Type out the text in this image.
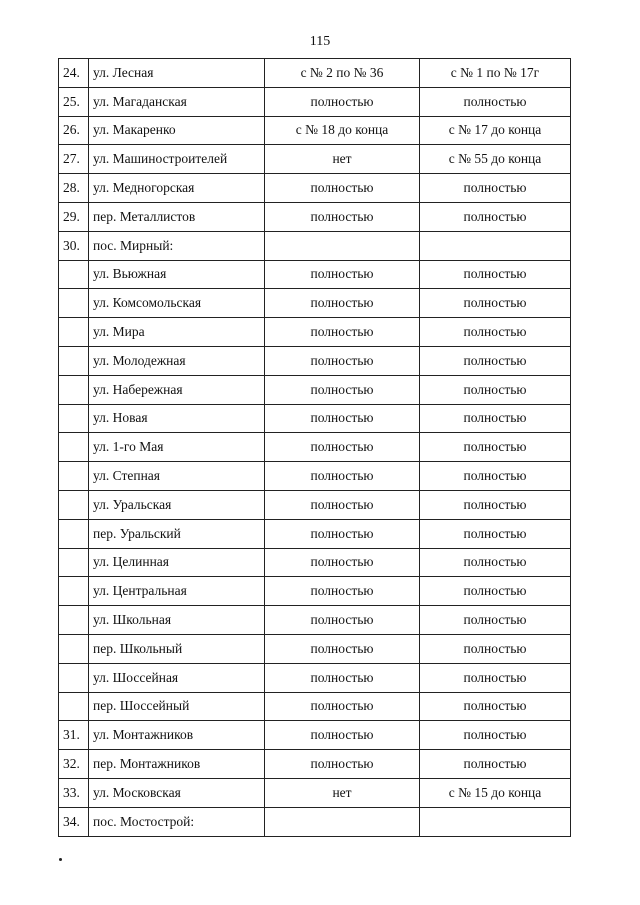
115
24.	ул. Лесная	с № 2 по № 36	с № 1 по № 17г
25.	ул. Магаданская	полностью	полностью
26.	ул. Макаренко	с № 18 до конца	с № 17 до конца
27.	ул. Машиностроителей	нет	с № 55 до конца
28.	ул. Медногорская	полностью	полностью
29.	пер. Металлистов	полностью	полностью
30.	пос. Мирный:		
	ул. Вьюжная	полностью	полностью
	ул. Комсомольская	полностью	полностью
	ул. Мира	полностью	полностью
	ул. Молодежная	полностью	полностью
	ул. Набережная	полностью	полностью
	ул. Новая	полностью	полностью
	ул. 1-го Мая	полностью	полностью
	ул. Степная	полностью	полностью
	ул. Уральская	полностью	полностью
	пер. Уральский	полностью	полностью
	ул. Целинная	полностью	полностью
	ул. Центральная	полностью	полностью
	ул. Школьная	полностью	полностью
	пер. Школьный	полностью	полностью
	ул. Шоссейная	полностью	полностью
	пер. Шоссейный	полностью	полностью
31.	ул. Монтажников	полностью	полностью
32.	пер. Монтажников	полностью	полностью
33.	ул. Московская	нет	с № 15 до конца
34.	пос. Мостострой:		
